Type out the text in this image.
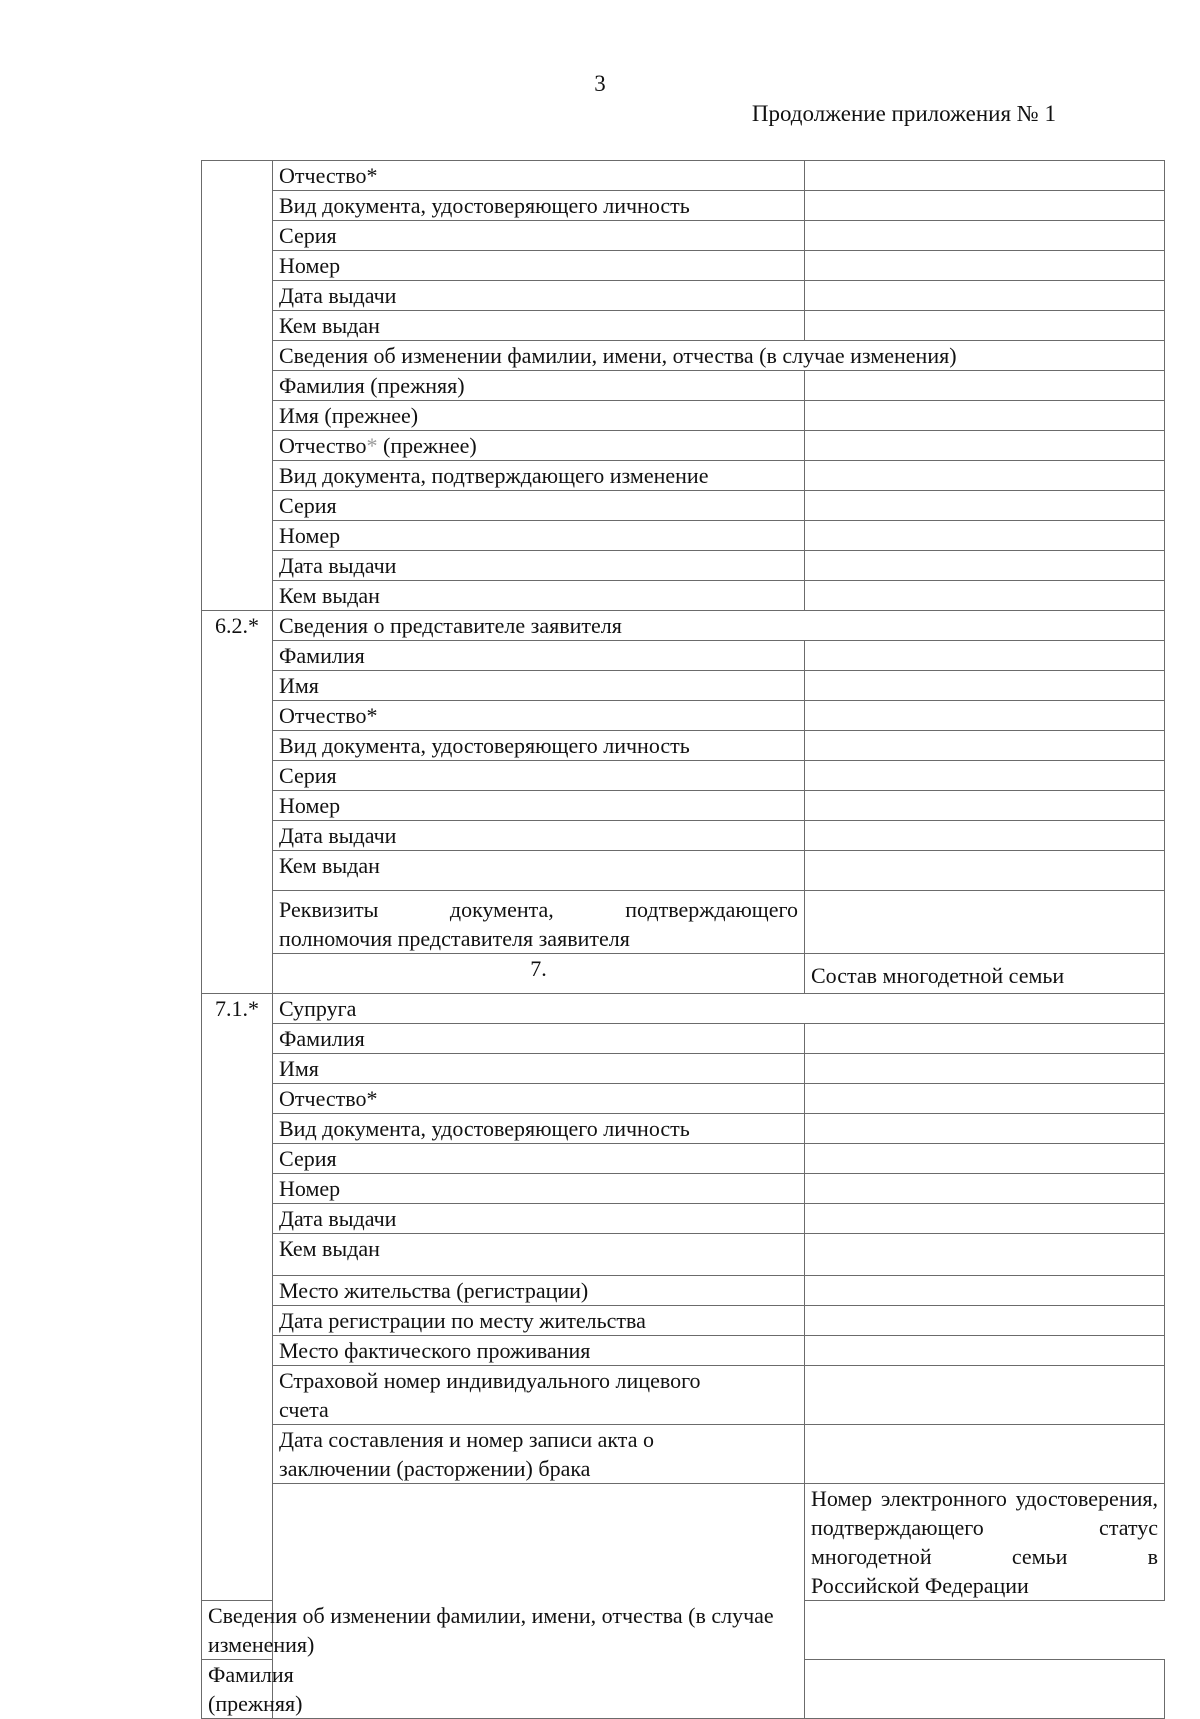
3
Продолжение приложения № 1
	Отчество*		
	Вид документа, удостоверяющего личность		
	Серия		
	Номер		
	Дата выдачи		
	Кем выдан		
	Сведения об изменении фамилии, имени, отчества (в случае изменения)		
	Фамилия (прежняя)		
	Имя (прежнее)		
	Отчество* (прежнее)		
	Вид документа, подтверждающего изменение		
	Серия		
	Номер		
	Дата выдачи		
	Кем выдан		
6.2.*	Сведения о представителе заявителя		
	Фамилия		
	Имя		
	Отчество*		
	Вид документа, удостоверяющего личность		
	Серия		
	Номер		
	Дата выдачи		
	Кем выдан		

	Реквизиты документа, подтверждающего
полномочия представителя заявителя		

	7.	Состав многодетной семьи	
7.1.*	Супруга		
	Фамилия		
	Имя		
	Отчество*		
	Вид документа, удостоверяющего личность		
	Серия		
	Номер		
	Дата выдачи		
	Кем выдан		
	Место жительства (регистрации)		
	Дата регистрации по месту жительства		
	Место фактического проживания		

	Страховой номер индивидуального лицевого
счета		

	Дата составления и номер записи акта о
заключении (расторжении) брака		

		Номер электронного удостоверения,
подтверждающего статус многодетной семьи в
Российской Федерации	

Сведения об изменении фамилии, имени, отчества (в случае изменения)			
Фамилия (прежняя)			
